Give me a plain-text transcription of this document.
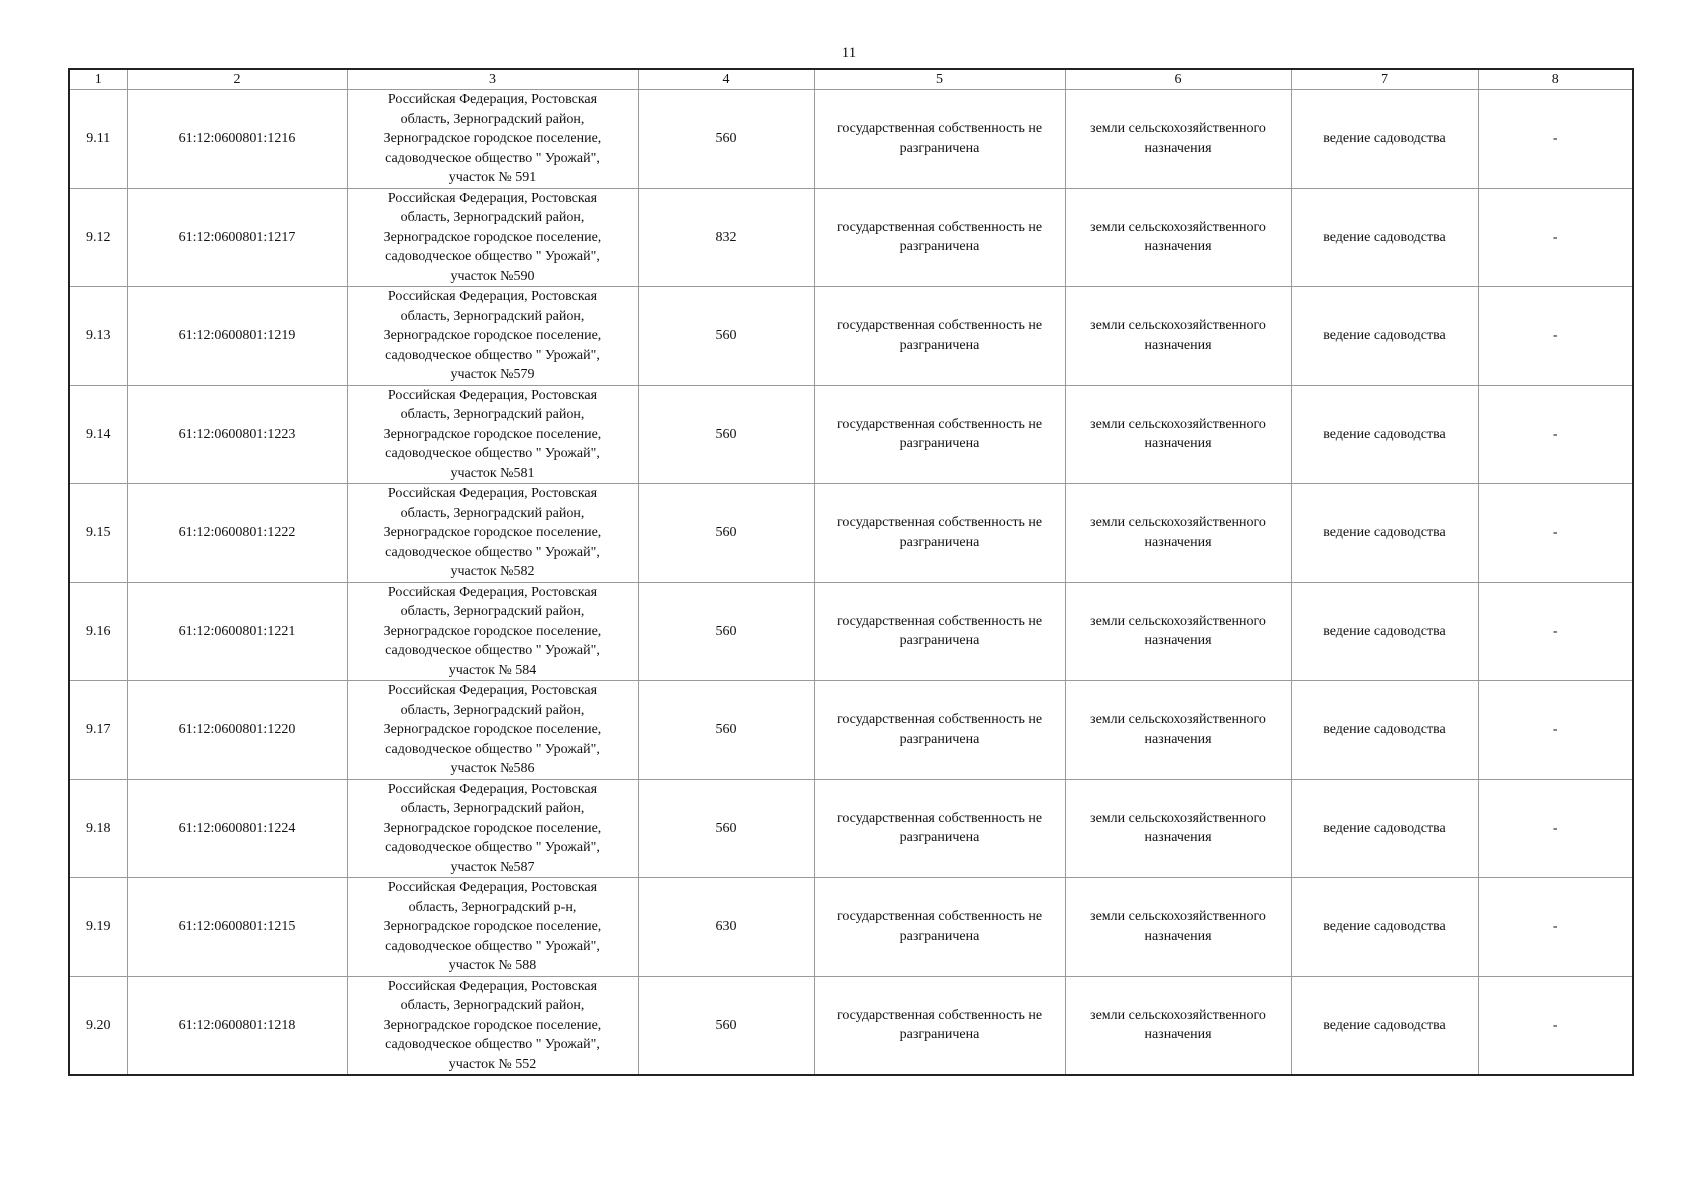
11
1	2	3	4	5	6	7	8
9.11	61:12:0600801:1216	Российская Федерация, Ростовская
область, Зерноградский район,
Зерноградское городское поселение,
садоводческое общество " Урожай",
участок № 591	560	государственная собственность не разграничена	земли сельскохозяйственного назначения	ведение садоводства	-
9.12	61:12:0600801:1217	Российская Федерация, Ростовская
область, Зерноградский район,
Зерноградское городское поселение,
садоводческое общество " Урожай",
участок №590	832	государственная собственность не разграничена	земли сельскохозяйственного назначения	ведение садоводства	-
9.13	61:12:0600801:1219	Российская Федерация, Ростовская
область, Зерноградский район,
Зерноградское городское поселение,
садоводческое общество " Урожай",
участок №579	560	государственная собственность не разграничена	земли сельскохозяйственного назначения	ведение садоводства	-
9.14	61:12:0600801:1223	Российская Федерация, Ростовская
область, Зерноградский район,
Зерноградское городское поселение,
садоводческое общество " Урожай",
участок №581	560	государственная собственность не разграничена	земли сельскохозяйственного назначения	ведение садоводства	-
9.15	61:12:0600801:1222	Российская Федерация, Ростовская
область, Зерноградский район,
Зерноградское городское поселение,
садоводческое общество " Урожай",
участок №582	560	государственная собственность не разграничена	земли сельскохозяйственного назначения	ведение садоводства	-
9.16	61:12:0600801:1221	Российская Федерация, Ростовская
область, Зерноградский район,
Зерноградское городское поселение,
садоводческое общество " Урожай",
участок № 584	560	государственная собственность не разграничена	земли сельскохозяйственного назначения	ведение садоводства	-
9.17	61:12:0600801:1220	Российская Федерация, Ростовская
область, Зерноградский район,
Зерноградское городское поселение,
садоводческое общество " Урожай",
участок №586	560	государственная собственность не разграничена	земли сельскохозяйственного назначения	ведение садоводства	-
9.18	61:12:0600801:1224	Российская Федерация, Ростовская
область, Зерноградский район,
Зерноградское городское поселение,
садоводческое общество " Урожай",
участок №587	560	государственная собственность не разграничена	земли сельскохозяйственного назначения	ведение садоводства	-
9.19	61:12:0600801:1215	Российская Федерация, Ростовская
область, Зерноградский р-н,
Зерноградское городское поселение,
садоводческое общество " Урожай",
участок № 588	630	государственная собственность не разграничена	земли сельскохозяйственного назначения	ведение садоводства	-
9.20	61:12:0600801:1218	Российская Федерация, Ростовская
область, Зерноградский район,
Зерноградское городское поселение,
садоводческое общество " Урожай",
участок № 552	560	государственная собственность не разграничена	земли сельскохозяйственного назначения	ведение садоводства	-
